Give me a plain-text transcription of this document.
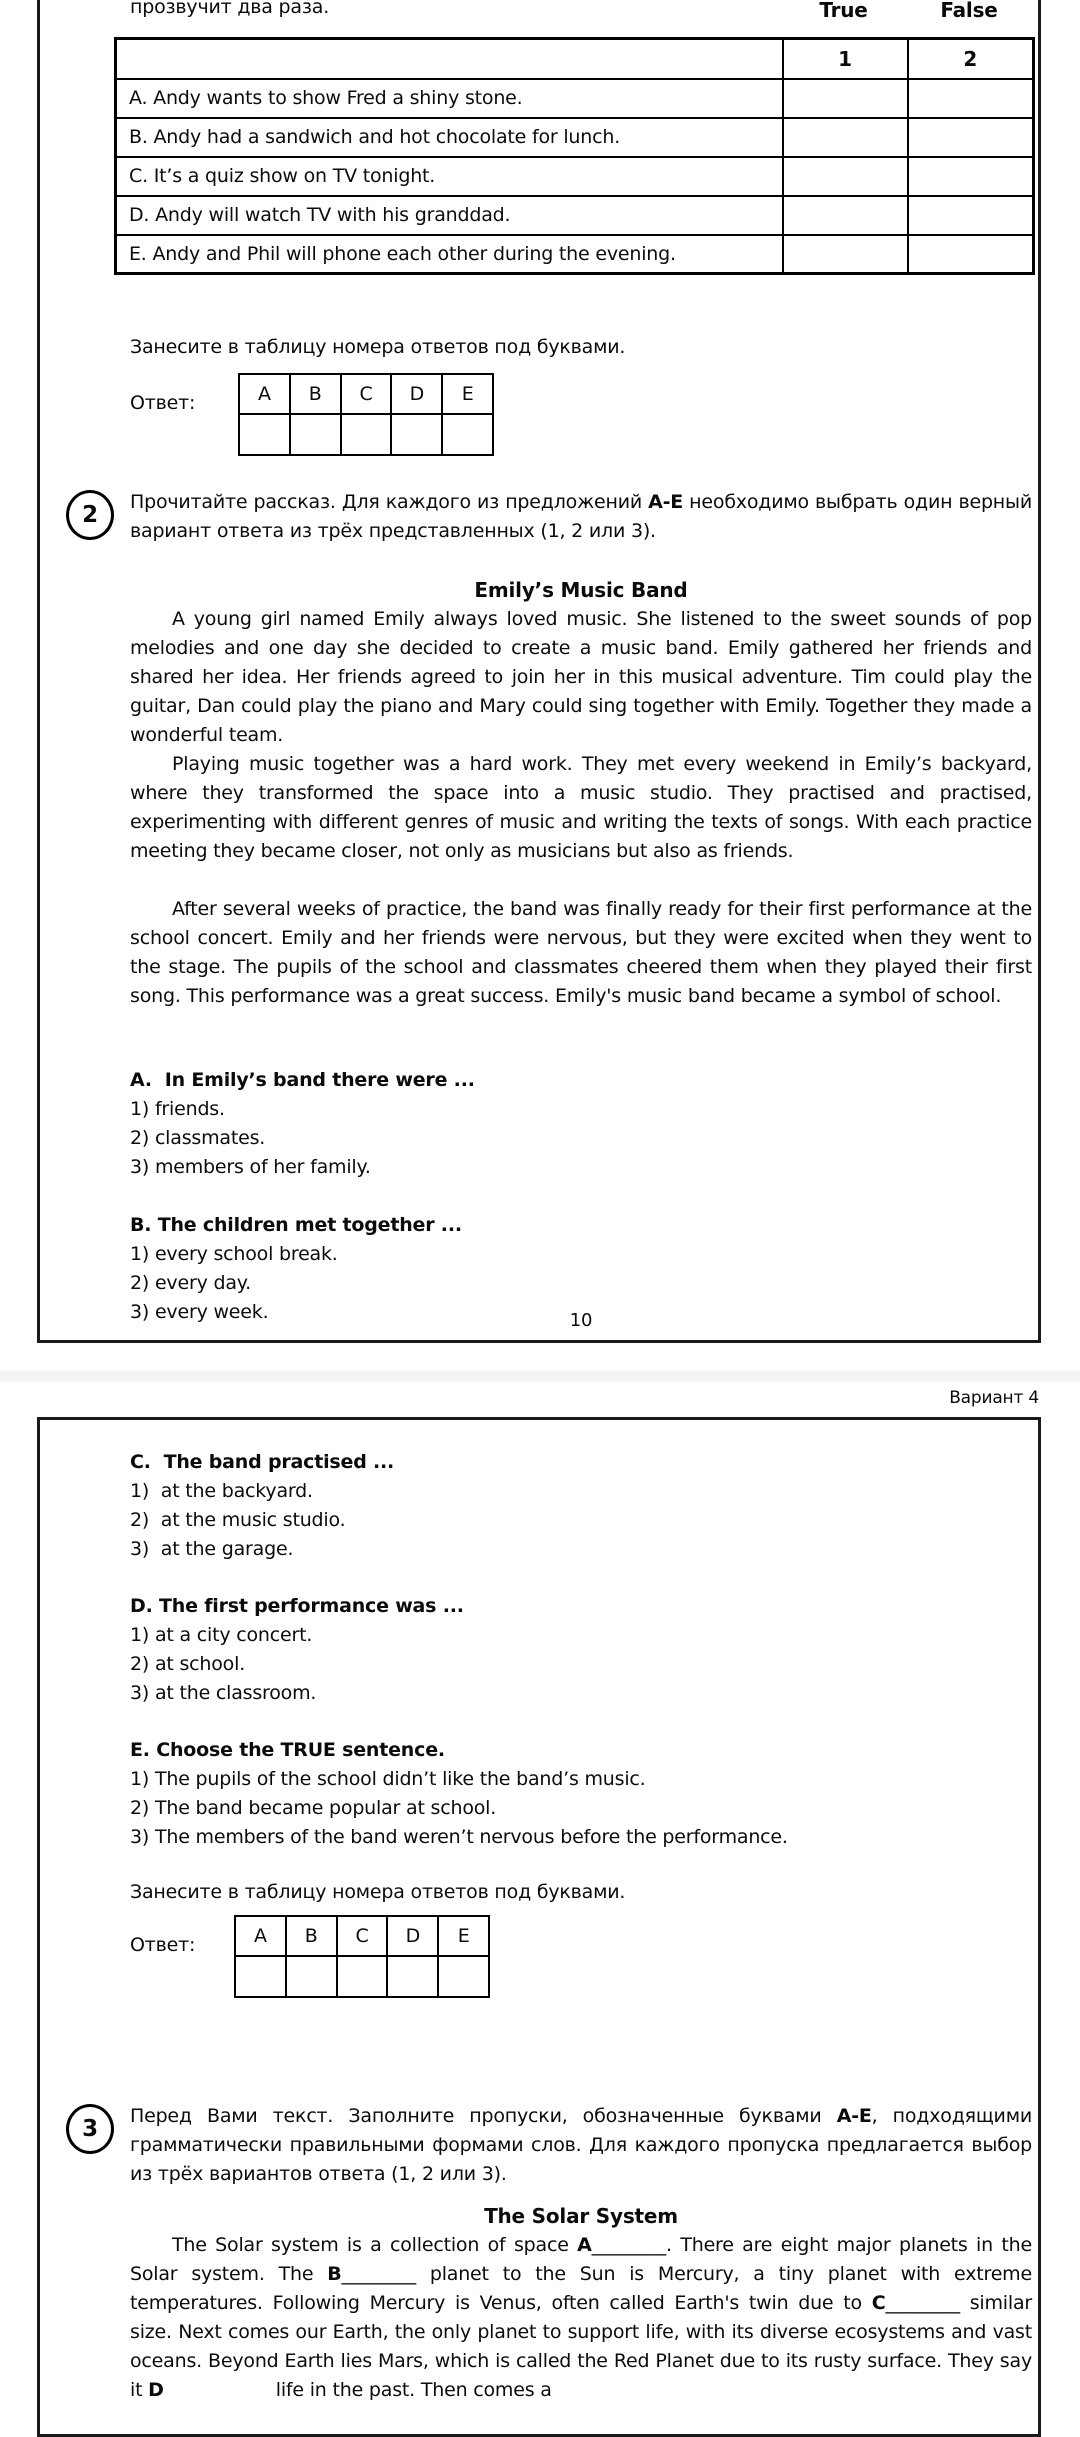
прозвучит два раза.	True	False
	1	2
A. Andy wants to show Fred a shiny stone.		
B. Andy had a sandwich and hot chocolate for lunch.		
C. It’s a quiz show on TV tonight.		
D. Andy will watch TV with his granddad.		
E. Andy and Phil will phone each other during the evening.		
Занесите в таблицу номера ответов под буквами.
Ответ:	A	B	C	D	E

2 Прочитайте рассказ. Для каждого из предложений А-Е необходимо выбрать один верный вариант ответа из трёх представленных (1, 2 или 3).
Emily’s Music Band

A young girl named Emily always loved music. She listened to the sweet sounds of pop melodies and one day she decided to create a music band. Emily gathered her friends and shared her idea. Her friends agreed to join her in this musical adventure. Tim could play the guitar, Dan could play the piano and Mary could sing together with Emily. Together they made a wonderful team.

Playing music together was a hard work. They met every weekend in Emily’s backyard, where they transformed the space into a music studio. They practised and practised, experimenting with different genres of music and writing the texts of songs. With each practice meeting they became closer, not only as musicians but also as friends.

After several weeks of practice, the band was finally ready for their first performance at the school concert. Emily and her friends were nervous, but they were excited when they went to the stage. The pupils of the school and classmates cheered them when they played their first song. This performance was a great success. Emily's music band became a symbol of school.

A.  In Emily’s band there were ...
1) friends.
2) classmates.
3) members of her family.
B. The children met together ...
1) every school break.
2) every day.
3) every week.	10
Вариант 4
C.  The band practised ...
1)  at the backyard.
2)  at the music studio.
3)  at the garage.
D. The first performance was ...
1) at a city concert.
2) at school.
3) at the classroom.
E. Choose the TRUE sentence.
1) The pupils of the school didn’t like the band’s music.
2) The band became popular at school.
3) The members of the band weren’t nervous before the performance.
Занесите в таблицу номера ответов под буквами.
Ответ:	A	B	C	D	E

3 Перед Вами текст. Заполните пропуски, обозначенные буквами А-Е, подходящими грамматически правильными формами слов. Для каждого пропуска предлагается выбор из трёх вариантов ответа (1, 2 или 3).
The Solar System

The Solar system is a collection of space A________. There are eight major planets in the Solar system. The B________ planet to the Sun is Mercury, a tiny planet with extreme temperatures. Following Mercury is Venus, often called Earth's twin due to C________ similar size. Next comes our Earth, the only planet to support life, with its diverse ecosystems and vast oceans. Beyond Earth lies Mars, which is called the Red Planet due to its rusty surface. They say it D	life in the past. Then comes a
